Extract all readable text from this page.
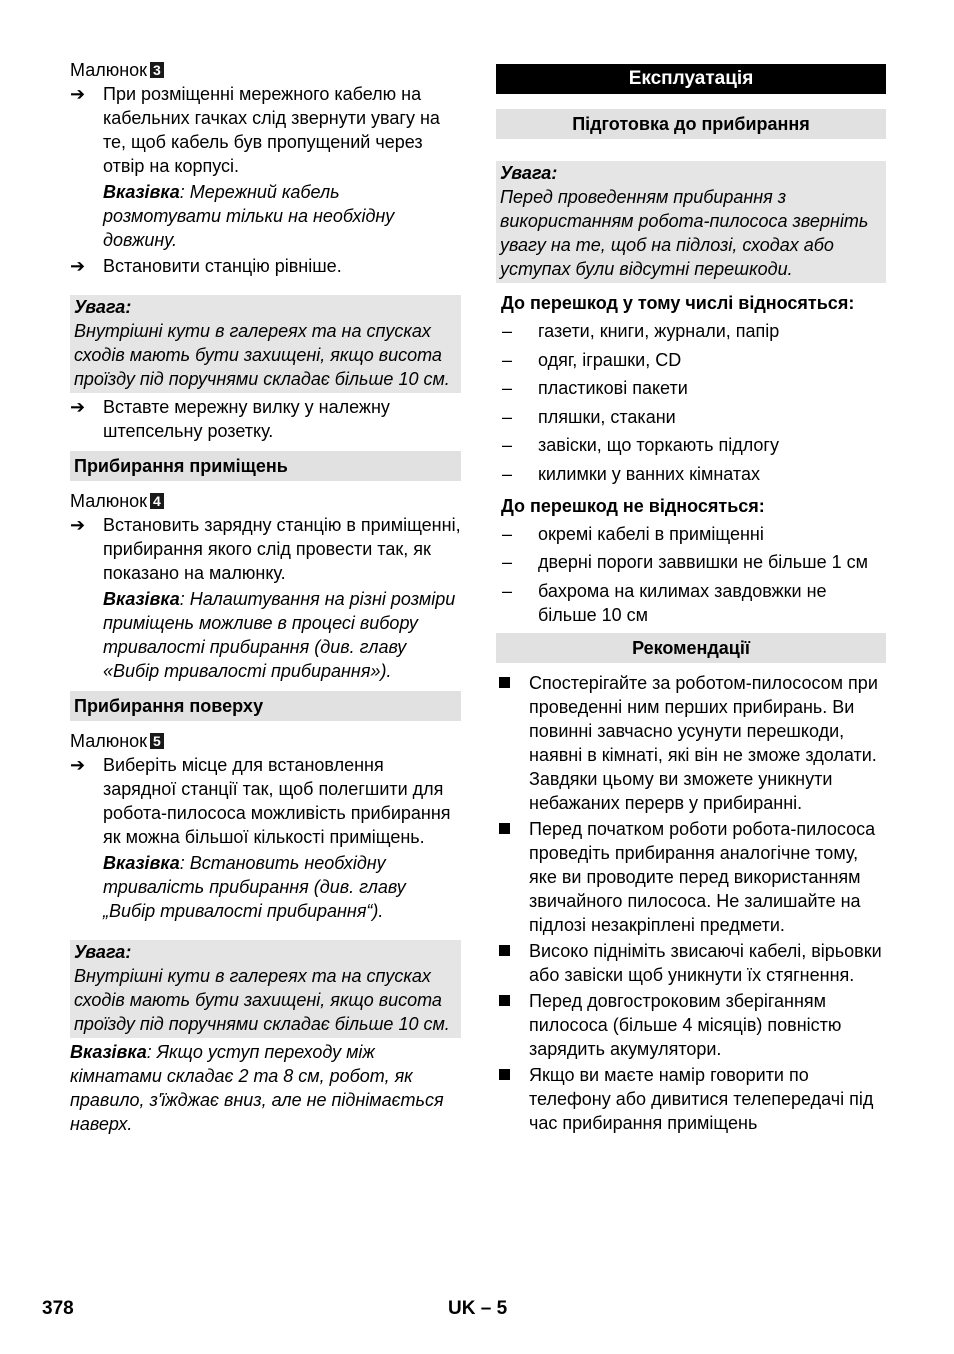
Малюнок 3

➔ При розміщенні мережного кабелю на кабельних гачках слід звернути увагу на те, щоб кабель був пропущений через отвір на корпусі.

Вказівка: Мережний кабель розмотувати тільки на необхідну довжину.

➔ Встановити станцію рівніше.
Увага:
Внутрішні кути в галереях та на спусках сходів мають бути захищені, якщо висота проїзду під поручнями складає більше 10 см.
➔ Вставте мережну вилку у належну штепсельну розетку.
Прибирання приміщень

Малюнок 4

➔ Встановить зарядну станцію в приміщенні, прибирання якого слід провести так, як показано на малюнку.

Вказівка: Налаштування на різні розміри приміщень можливе в процесі вибору тривалості прибирання (див. главу «Вибір тривалості прибирання»).

Прибирання поверху

Малюнок 5

➔ Виберіть місце для встановлення зарядної станції так, щоб полегшити для робота-пилососа можливість прибирання як можна більшої кількості приміщень.

Вказівка: Встановить необхідну тривалість прибирання (див. главу „Вибір тривалості прибирання“).

Увага:
Внутрішні кути в галереях та на спусках сходів мають бути захищені, якщо висота проїзду під поручнями складає більше 10 см.

Вказівка: Якщо уступ переходу між кімнатами складає 2 та 8 см, робот, як правило, з'їжджає вниз, але не піднімається наверх.

Експлуатація
Підготовка до прибирання
Увага:
Перед проведенням прибирання з використанням робота-пилососа зверніть увагу на те, щоб на підлозі, сходах або уступах були відсутні перешкоди.
До перешкод у тому числі відносяться:
–	газети, книги, журнали, папір
–	одяг, іграшки, CD
–	пластикові пакети
–	пляшки, стакани
–	завіски, що торкають підлогу
–	килимки у ванних кімнатах
До перешкод не відносяться:
–	окремі кабелі в приміщенні
–	дверні пороги заввишки не більше 1 см
–	бахрома на килимах завдовжки не більше 10 см
Рекомендації
Спостерігайте за роботом-пилососом при проведенні ним перших прибирань. Ви повинні завчасно усунути перешкоди, наявні в кімнаті, які він не зможе здолати. Завдяки цьому ви зможете уникнути небажаних перерв у прибиранні.
Перед початком роботи робота-пилососа проведіть прибирання аналогічне тому, яке ви проводите перед використанням звичайного пилососа. Не залишайте на підлозі незакріплені предмети.
Високо підніміть звисаючі кабелі, вірьовки або завіски щоб уникнути їх стягнення.
Перед довгостроковим зберіганням пилососа (більше 4 місяців) повністю зарядить акумулятори.
Якщо ви маєте намір говорити по телефону або дивитися телепередачі під час прибирання приміщень
378	UK – 5
